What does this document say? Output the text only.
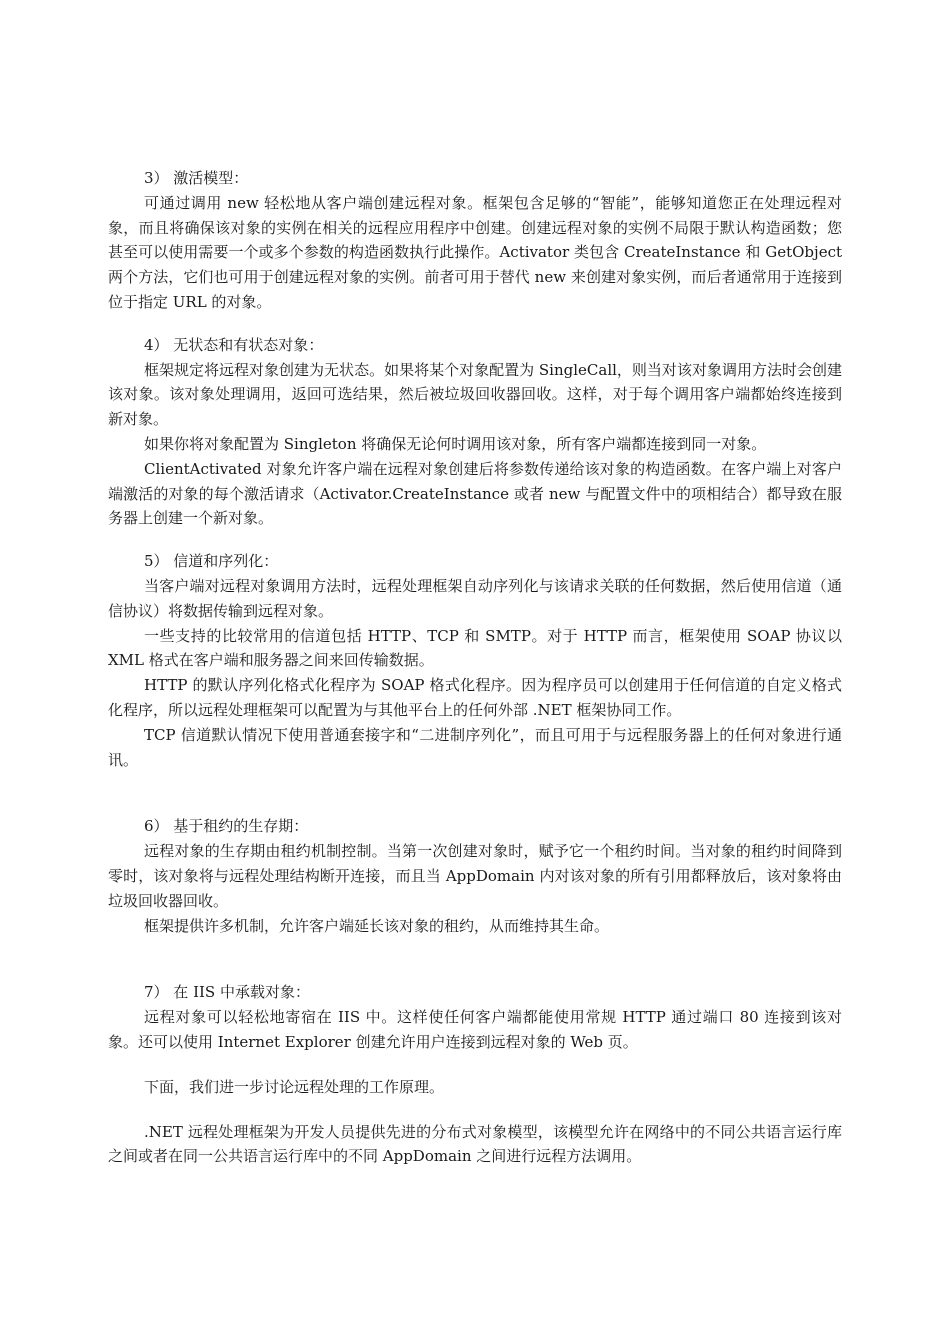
3） 激活模型：
可通过调用 new 轻松地从客户端创建远程对象。框架包含足够的“智能”，能够知道您正在处理远程对象，而且将确保该对象的实例在相关的远程应用程序中创建。创建远程对象的实例不局限于默认构造函数；您甚至可以使用需要一个或多个参数的构造函数执行此操作。Activator 类包含 CreateInstance 和 GetObject 两个方法，它们也可用于创建远程对象的实例。前者可用于替代 new 来创建对象实例，而后者通常用于连接到位于指定 URL 的对象。
4） 无状态和有状态对象：
框架规定将远程对象创建为无状态。如果将某个对象配置为 SingleCall，则当对该对象调用方法时会创建该对象。该对象处理调用，返回可选结果，然后被垃圾回收器回收。这样，对于每个调用客户端都始终连接到新对象。
如果你将对象配置为 Singleton 将确保无论何时调用该对象，所有客户端都连接到同一对象。
ClientActivated 对象允许客户端在远程对象创建后将参数传递给该对象的构造函数。在客户端上对客户端激活的对象的每个激活请求（Activator.CreateInstance 或者 new 与配置文件中的项相结合）都导致在服务器上创建一个新对象。
5） 信道和序列化：
当客户端对远程对象调用方法时，远程处理框架自动序列化与该请求关联的任何数据，然后使用信道（通信协议）将数据传输到远程对象。
一些支持的比较常用的信道包括 HTTP、TCP 和 SMTP。对于 HTTP 而言，框架使用 SOAP 协议以 XML 格式在客户端和服务器之间来回传输数据。
HTTP 的默认序列化格式化程序为 SOAP 格式化程序。因为程序员可以创建用于任何信道的自定义格式化程序，所以远程处理框架可以配置为与其他平台上的任何外部 .NET 框架协同工作。
TCP 信道默认情况下使用普通套接字和“二进制序列化”，而且可用于与远程服务器上的任何对象进行通讯。
6） 基于租约的生存期：
远程对象的生存期由租约机制控制。当第一次创建对象时，赋予它一个租约时间。当对象的租约时间降到零时，该对象将与远程处理结构断开连接，而且当 AppDomain 内对该对象的所有引用都释放后，该对象将由垃圾回收器回收。
框架提供许多机制，允许客户端延长该对象的租约，从而维持其生命。
7） 在 IIS 中承载对象：
远程对象可以轻松地寄宿在 IIS 中。这样使任何客户端都能使用常规 HTTP 通过端口 80 连接到该对象。还可以使用 Internet Explorer 创建允许用户连接到远程对象的 Web 页。
下面，我们进一步讨论远程处理的工作原理。
.NET 远程处理框架为开发人员提供先进的分布式对象模型，该模型允许在网络中的不同公共语言运行库之间或者在同一公共语言运行库中的不同 AppDomain 之间进行远程方法调用。
